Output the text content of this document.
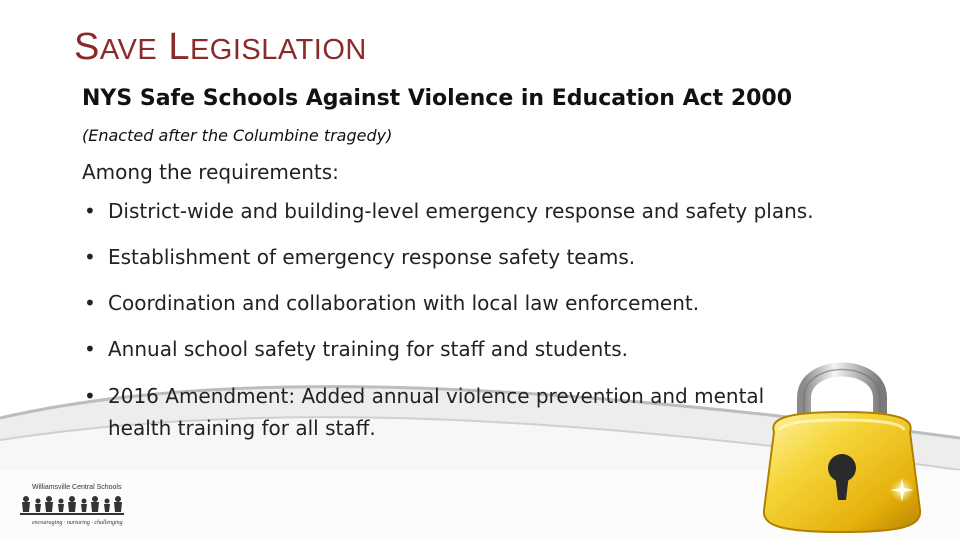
SAVE LEGISLATION
NYS Safe Schools Against Violence in Education Act 2000
(Enacted after the Columbine tragedy)
Among the requirements:
• District-wide and building-level emergency response and safety plans.
• Establishment of emergency response safety teams.
• Coordination and collaboration with local law enforcement.
• Annual school safety training for staff and students.
• 2016 Amendment: Added annual violence prevention and mental health training for all staff.
Williamsville Central Schools
encouraging · nurturing · challenging
